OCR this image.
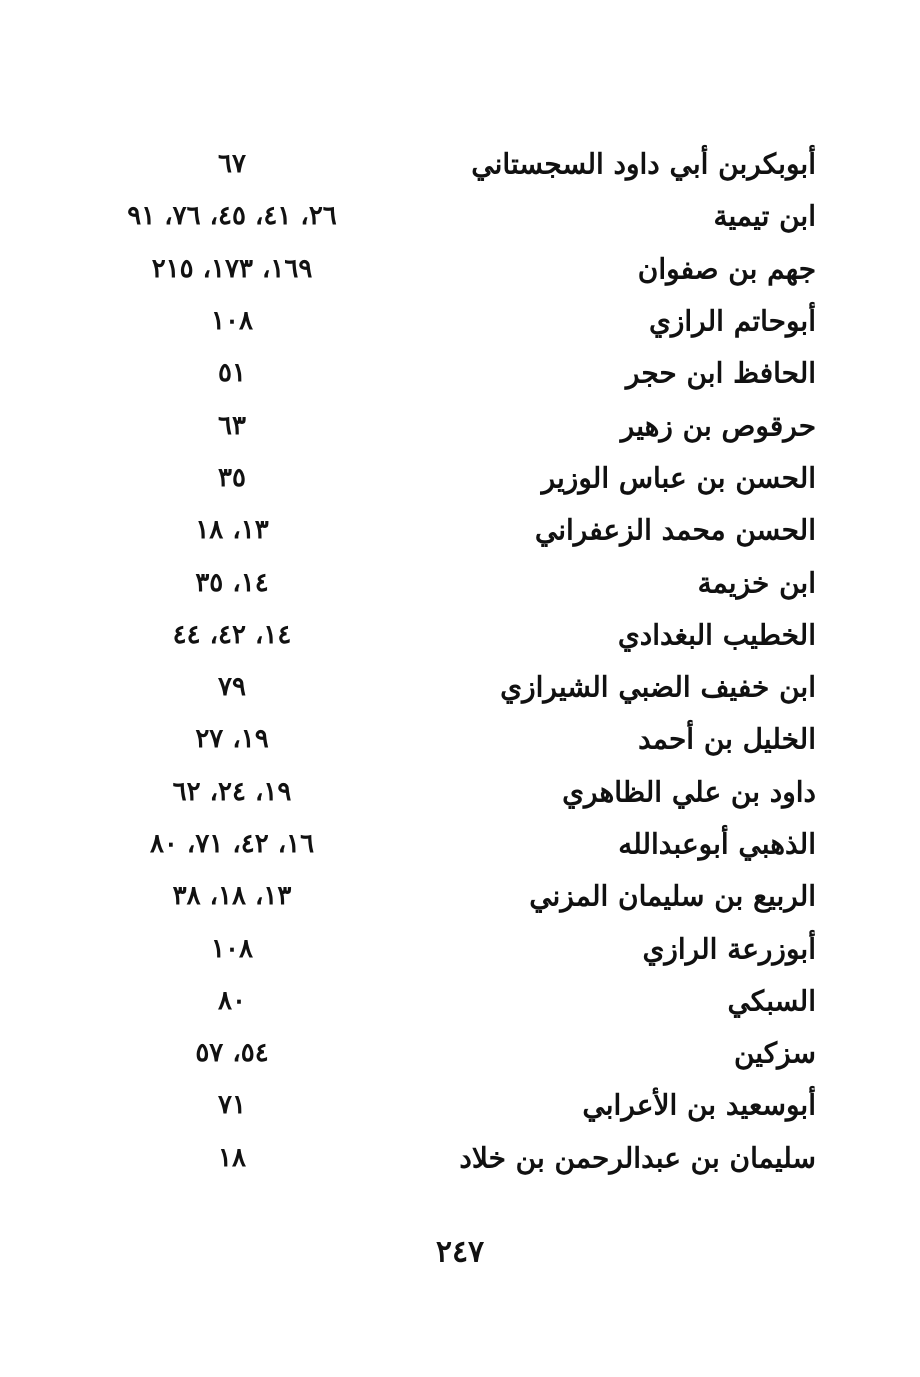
أبوبكربن أبي داود السجستاني
٦٧
ابن تيمية
٢٦، ٤١، ٤٥، ٧٦، ٩١
جهم بن صفوان
١٦٩، ١٧٣، ٢١٥
أبوحاتم الرازي
١٠٨
الحافظ ابن حجر
٥١
حرقوص بن زهير
٦٣
الحسن بن عباس الوزير
٣٥
الحسن محمد الزعفراني
١٣، ١٨
ابن خزيمة
١٤، ٣٥
الخطيب البغدادي
١٤، ٤٢، ٤٤
ابن خفيف الضبي الشيرازي
٧٩
الخليل بن أحمد
١٩، ٢٧
داود بن علي الظاهري
١٩، ٢٤، ٦٢
الذهبي أبوعبدالله
١٦، ٤٢، ٧١، ٨٠
الربيع بن سليمان المزني
١٣، ١٨، ٣٨
أبوزرعة الرازي
١٠٨
السبكي
٨٠
سزكين
٥٤، ٥٧
أبوسعيد بن الأعرابي
٧١
سليمان بن عبدالرحمن بن خلاد
١٨
٢٤٧
